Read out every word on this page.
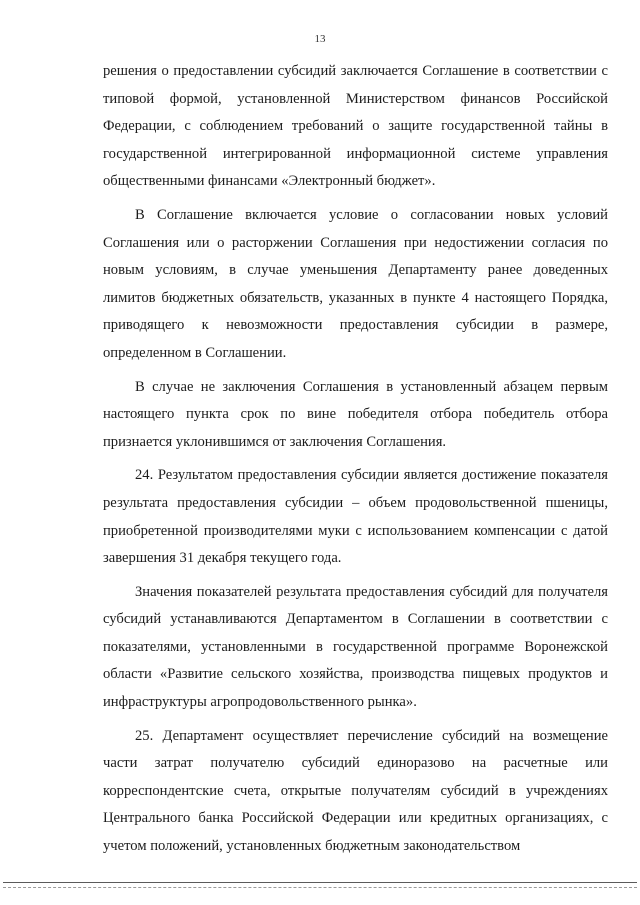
13

решения о предоставлении субсидий заключается Соглашение в соответствии с типовой формой, установленной Министерством финансов Российской Федерации, с соблюдением требований о защите государственной тайны в государственной интегрированной информационной системе управления общественными финансами «Электронный бюджет».

В Соглашение включается условие о согласовании новых условий Соглашения или о расторжении Соглашения при недостижении согласия по новым условиям, в случае уменьшения Департаменту ранее доведенных лимитов бюджетных обязательств, указанных в пункте 4 настоящего Порядка, приводящего к невозможности предоставления субсидии в размере, определенном в Соглашении.

В случае не заключения Соглашения в установленный абзацем первым настоящего пункта срок по вине победителя отбора победитель отбора признается уклонившимся от заключения Соглашения.

24. Результатом предоставления субсидии является достижение показателя результата предоставления субсидии – объем продовольственной пшеницы, приобретенной производителями муки с использованием компенсации с датой завершения 31 декабря текущего года.

Значения показателей результата предоставления субсидий для получателя субсидий устанавливаются Департаментом в Соглашении в соответствии с показателями, установленными в государственной программе Воронежской области «Развитие сельского хозяйства, производства пищевых продуктов и инфраструктуры агропродовольственного рынка».

25. Департамент осуществляет перечисление субсидий на возмещение части затрат получателю субсидий единоразово на расчетные или корреспондентские счета, открытые получателям субсидий в учреждениях Центрального банка Российской Федерации или кредитных организациях, с учетом положений, установленных бюджетным законодательством
